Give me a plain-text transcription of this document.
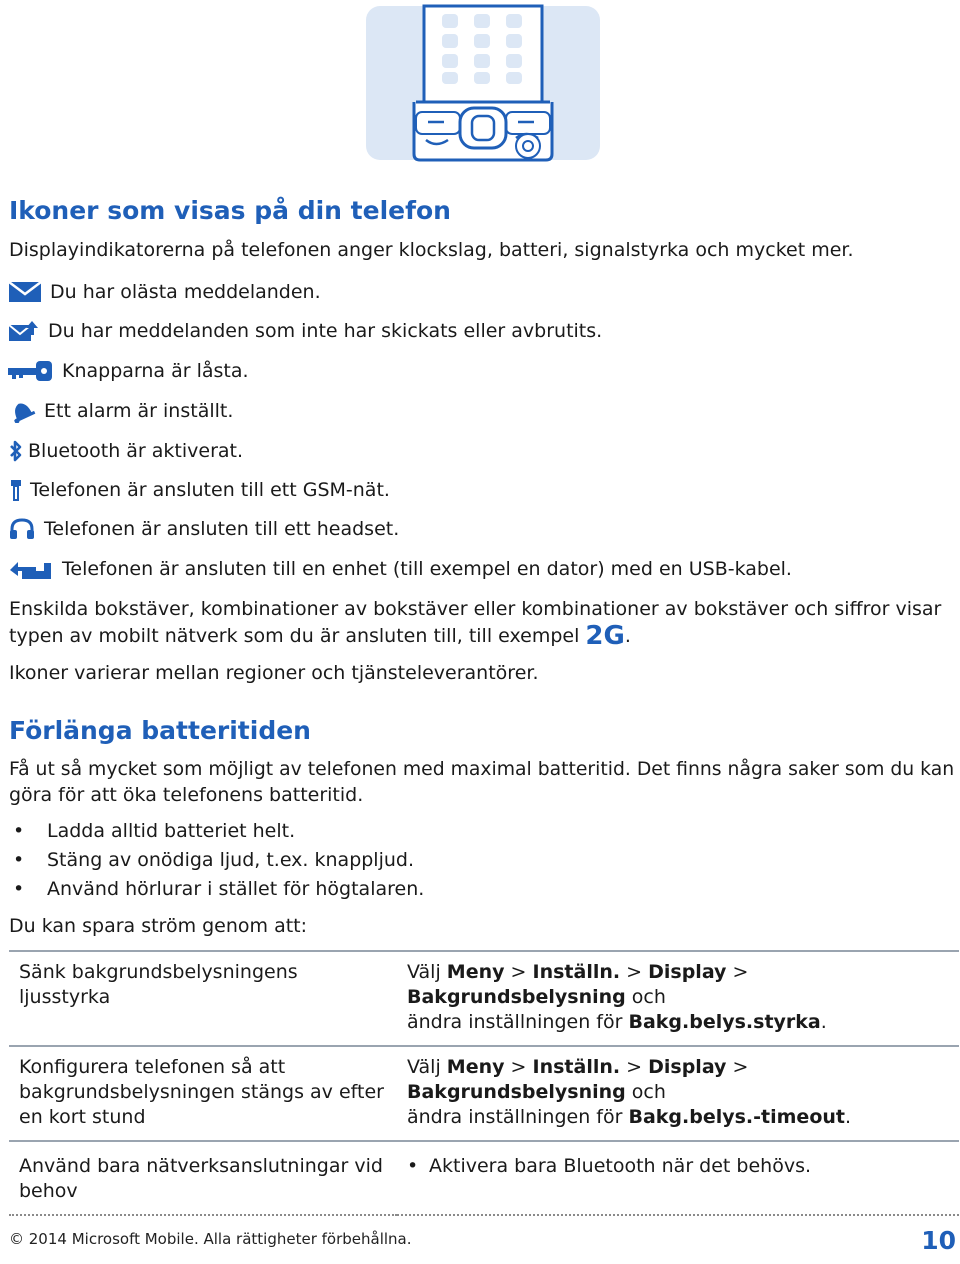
Ikoner som visas på din telefon
Displayindikatorerna på telefonen anger klockslag, batteri, signalstyrka och mycket mer.
Du har olästa meddelanden.
Du har meddelanden som inte har skickats eller avbrutits.
Knapparna är låsta.
Ett alarm är inställt.
Bluetooth är aktiverat.
Telefonen är ansluten till ett GSM-nät.
Telefonen är ansluten till ett headset.
Telefonen är ansluten till en enhet (till exempel en dator) med en USB-kabel.
Enskilda bokstäver, kombinationer av bokstäver eller kombinationer av bokstäver och siffror visar
typen av mobilt nätverk som du är ansluten till, till exempel 2G .
Ikoner varierar mellan regioner och tjänsteleverantörer.
Förlänga batteritiden
Få ut så mycket som möjligt av telefonen med maximal batteritid. Det finns några saker som du kan
göra för att öka telefonens batteritid.
•	Ladda alltid batteriet helt.
•	Stäng av onödiga ljud, t.ex. knappljud.
•	Använd hörlurar i stället för högtalaren.
Du kan spara ström genom att:
Sänk bakgrundsbelysningens ljusstyrka	Välj Meny > Inställn. > Display > Bakgrundsbelysning och
ändra inställningen för Bakg.belys.styrka.
Konfigurera telefonen så att bakgrundsbelysningen stängs av efter en kort stund	Välj Meny > Inställn. > Display > Bakgrundsbelysning och
ändra inställningen för Bakg.belys.-timeout.
Använd bara nätverksanslutningar vid behov	• Aktivera bara Bluetooth när det behövs.
© 2014 Microsoft Mobile. Alla rättigheter förbehållna.	10
